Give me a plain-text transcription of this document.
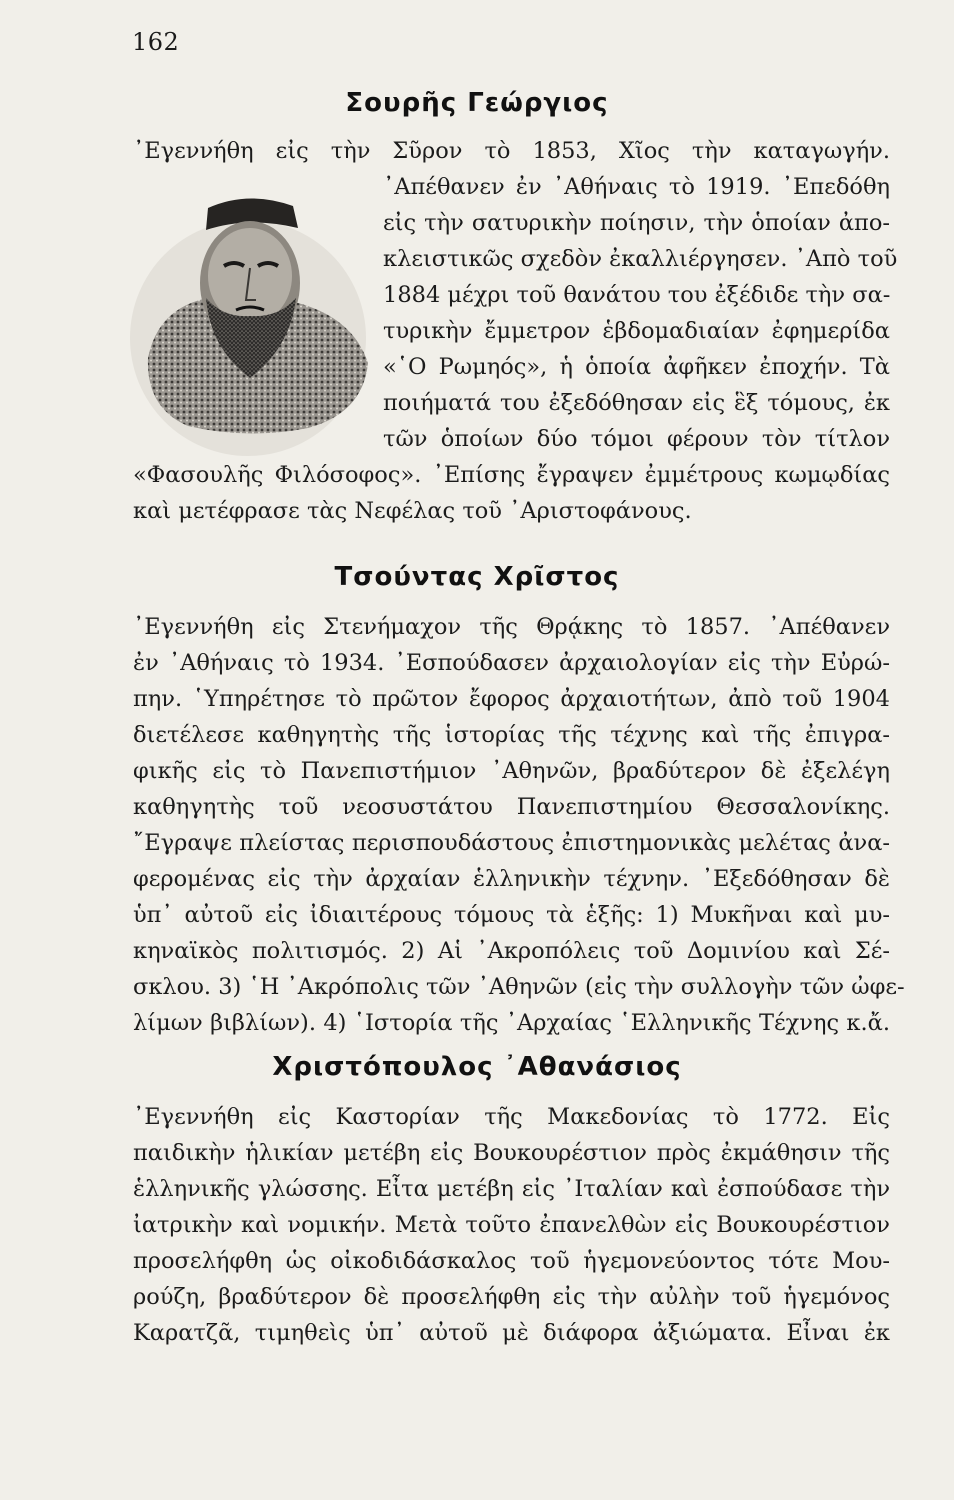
162
Σουρῆς Γεώργιος
᾿Εγεννήθη εἰς τὴν Σῦρον τὸ 1853, Χῖος τὴν καταγωγήν.
᾿Απέθανεν ἐν ᾿Αθήναις τὸ 1919. ᾿Επεδόθη
εἰς τὴν σατυρικὴν ποίησιν, τὴν ὁποίαν ἀπο-
κλειστικῶς σχεδὸν ἐκαλλιέργησεν. ᾿Απὸ τοῦ
1884 μέχρι τοῦ θανάτου του ἐξέδιδε τὴν σα-
τυρικὴν ἔμμετρον ἑβδομαδιαίαν ἐφημερίδα
«῾Ο Ρωμηός», ἡ ὁποία ἀφῆκεν ἐποχήν. Τὰ
ποιήματά του ἐξεδόθησαν εἰς ἓξ τόμους, ἐκ
τῶν ὁποίων δύο τόμοι φέρουν τὸν τίτλον
«Φασουλῆς Φιλόσοφος». ᾿Επίσης ἔγραψεν ἐμμέτρους κωμῳδίας
καὶ μετέφρασε τὰς Νεφέλας τοῦ ᾿Αριστοφάνους.
Τσούντας Χρῖστος
᾿Εγεννήθη εἰς Στενήμαχον τῆς Θρᾴκης τὸ 1857. ᾿Απέθανεν
ἐν ᾿Αθήναις τὸ 1934. ᾿Εσπούδασεν ἀρχαιολογίαν εἰς τὴν Εὐρώ-
πην. ῾Υπηρέτησε τὸ πρῶτον ἔφορος ἀρχαιοτήτων, ἀπὸ τοῦ 1904
διετέλεσε καθηγητὴς τῆς ἱστορίας τῆς τέχνης καὶ τῆς ἐπιγρα-
φικῆς εἰς τὸ Πανεπιστήμιον ᾿Αθηνῶν, βραδύτερον δὲ ἐξελέγη
καθηγητὴς τοῦ νεοσυστάτου Πανεπιστημίου Θεσσαλονίκης.
῎Εγραψε πλείστας περισπουδάστους ἐπιστημονικὰς μελέτας ἀνα-
φερομένας εἰς τὴν ἀρχαίαν ἑλληνικὴν τέχνην. ᾿Εξεδόθησαν δὲ
ὑπ᾿ αὐτοῦ εἰς ἰδιαιτέρους τόμους τὰ ἑξῆς: 1) Μυκῆναι καὶ μυ-
κηναϊκὸς πολιτισμός. 2) Αἱ ᾿Ακροπόλεις τοῦ Δομινίου καὶ Σέ-
σκλου. 3) ῾Η ᾿Ακρόπολις τῶν ᾿Αθηνῶν (εἰς τὴν συλλογὴν τῶν ὠφε-
λίμων βιβλίων). 4) ῾Ιστορία τῆς ᾿Αρχαίας ῾Ελληνικῆς Τέχνης κ.ἄ.
Χριστόπουλος ᾿Αθανάσιος
᾿Εγεννήθη εἰς Καστορίαν τῆς Μακεδονίας τὸ 1772. Εἰς
παιδικὴν ἡλικίαν μετέβη εἰς Βουκουρέστιον πρὸς ἐκμάθησιν τῆς
ἑλληνικῆς γλώσσης. Εἶτα μετέβη εἰς ᾿Ιταλίαν καὶ ἐσπούδασε τὴν
ἰατρικὴν καὶ νομικήν. Μετὰ τοῦτο ἐπανελθὼν εἰς Βουκουρέστιον
προσελήφθη ὡς οἰκοδιδάσκαλος τοῦ ἡγεμονεύοντος τότε Μου-
ρούζη, βραδύτερον δὲ προσελήφθη εἰς τὴν αὐλὴν τοῦ ἡγεμόνος
Καρατζᾶ, τιμηθεὶς ὑπ᾿ αὐτοῦ μὲ διάφορα ἀξιώματα. Εἶναι ἐκ
